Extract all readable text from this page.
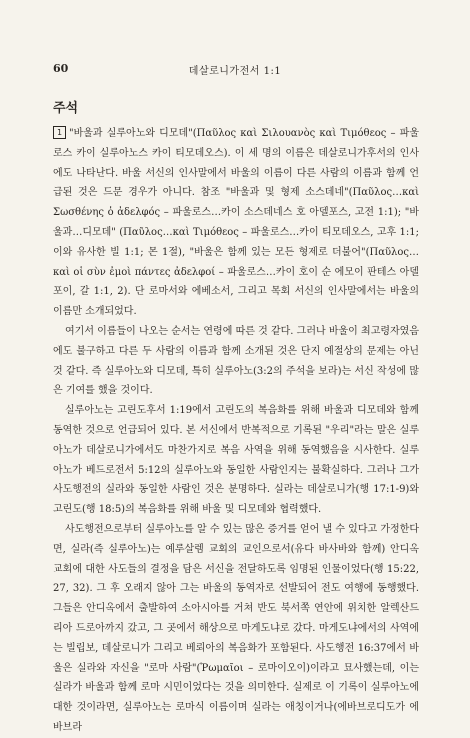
60	데살로니가전서 1:1
주석

1 "바울과 실루아노와 디모데"(Παῦλος καὶ Σιλουανὸς καὶ Τιμόθεος – 파울로스 카이 실루아노스 카이 티모데오스). 이 세 명의 이름은 데살로니가후서의 인사에도 나타난다. 바울 서신의 인사말에서 바울의 이름이 다른 사람의 이름과 함께 언급된 것은 드문 경우가 아니다. 참조 "바울과 및 형제 소스데네"(Παῦλος…καὶ Σωσθένης ὁ ἀδελφός – 파울로스…카이 소스데네스 호 아델포스, 고전 1:1); "바울과…디모데" (Παῦλος…καὶ Τιμόθεος – 파울로스…카이 티모데오스, 고후 1:1; 이와 유사한 빌 1:1; 몬 1절), "바울은 함께 있는 모든 형제로 더불어"(Παῦλος…καὶ οἱ σὺν ἐμοὶ πάντες ἀδελφοί – 파울로스…카이 호이 순 에모이 판테스 아델포이, 갈 1:1, 2). 단 로마서와 에베소서, 그리고 목회 서신의 인사말에서는 바울의 이름만 소개되었다.

여기서 이름들이 나오는 순서는 연령에 따른 것 같다. 그러나 바울이 최고령자였음에도 불구하고 다른 두 사람의 이름과 함께 소개된 것은 단지 예절상의 문제는 아닌 것 같다. 즉 실루아노와 디모데, 특히 실루아노(3:2의 주석을 보라)는 서신 작성에 많은 기여를 했을 것이다.

실루아노는 고린도후서 1:19에서 고린도의 복음화를 위해 바울과 디모데와 함께 동역한 것으로 언급되어 있다. 본 서신에서 반복적으로 기록된 "우리"라는 말은 실루아노가 데살로니가에서도 마찬가지로 복음 사역을 위해 동역했음을 시사한다. 실루아노가 베드로전서 5:12의 실루아노와 동일한 사람인지는 불확실하다. 그러나 그가 사도행전의 실라와 동일한 사람인 것은 분명하다. 실라는 데살로니가(행 17:1-9)와 고린도(행 18:5)의 복음화를 위해 바울 및 디모데와 협력했다.

사도행전으로부터 실루아노를 알 수 있는 많은 증거를 얻어 낼 수 있다고 가정한다면, 실라(즉 실루아노)는 예루살렘 교회의 교인으로서(유다 바사바와 함께) 안디옥 교회에 대한 사도들의 결정을 담은 서신을 전달하도록 임명된 인물이었다(행 15:22, 27, 32). 그 후 오래지 않아 그는 바울의 동역자로 선발되어 전도 여행에 동행했다. 그들은 안디옥에서 출발하여 소아시아를 거쳐 반도 북서쪽 연안에 위치한 알렉산드리아 드로아까지 갔고, 그 곳에서 해상으로 마게도냐로 갔다. 마게도냐에서의 사역에는 빌립보, 데살로니가 그리고 베뢰아의 복음화가 포함된다. 사도행전 16:37에서 바울은 실라와 자신을 "로마 사람"(Ῥωμαῖοι – 로마이오이)이라고 묘사했는데, 이는 실라가 바울과 함께 로마 시민이었다는 것을 의미한다. 실제로 이 기록이 실루아노에 대한 것이라면, 실루아노는 로마식 이름이며 실라는 애칭이거나(에바브로디도가 에바브라
